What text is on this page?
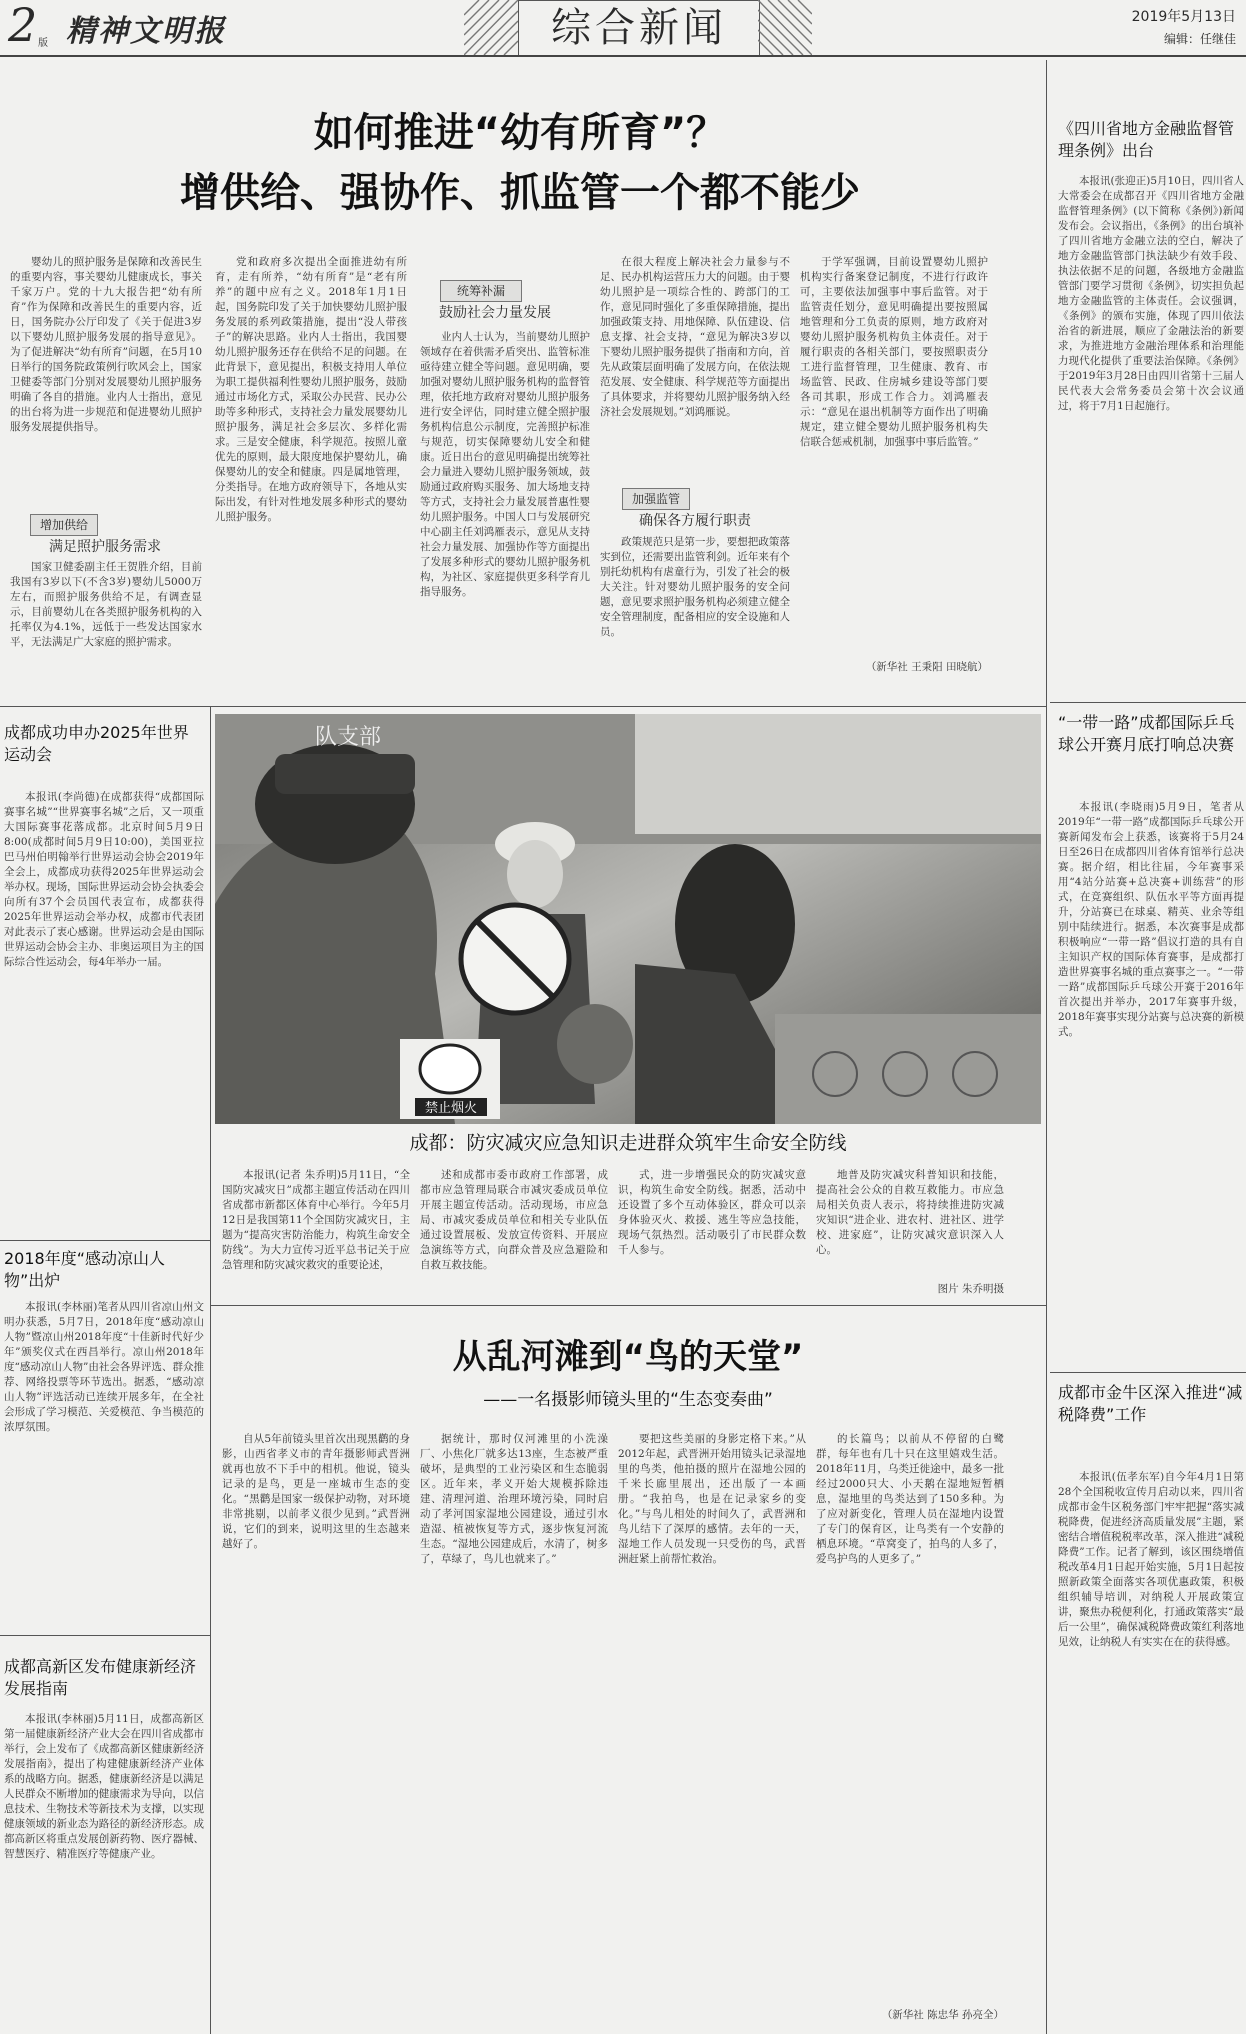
2 版 精神文明报	综合新闻	2019年5月13日
编辑：任继佳
如何推进“幼有所育”？
增供给、强协作、抓监管一个都不能少

婴幼儿的照护服务是保障和改善民生的重要内容，事关婴幼儿健康成长，事关千家万户。党的十九大报告把“幼有所育”作为保障和改善民生的重要内容，近日，国务院办公厅印发了《关于促进3岁以下婴幼儿照护服务发展的指导意见》。为了促进解决“幼有所育”问题，在5月10日举行的国务院政策例行吹风会上，国家卫健委等部门分别对发展婴幼儿照护服务明确了各自的措施。业内人士指出，意见的出台将为进一步规范和促进婴幼儿照护服务发展提供指导。

增加供给
满足照护服务需求

国家卫健委副主任王贺胜介绍，目前我国有3岁以下(不含3岁)婴幼儿5000万左右，而照护服务供给不足，有调查显示，目前婴幼儿在各类照护服务机构的入托率仅为4.1%，远低于一些发达国家水平，无法满足广大家庭的照护需求。

党和政府多次提出全面推进幼有所育，走有所养，“幼有所育”是“老有所养”的题中应有之义。2018年1月1日起，国务院印发了关于加快婴幼儿照护服务发展的系列政策措施，提出“没人带孩子”的解决思路。业内人士指出，我国婴幼儿照护服务还存在供给不足的问题。在此背景下，意见提出，积极支持用人单位为职工提供福利性婴幼儿照护服务，鼓励通过市场化方式，采取公办民营、民办公助等多种形式，支持社会力量发展婴幼儿照护服务，满足社会多层次、多样化需求。三是安全健康，科学规范。按照儿童优先的原则，最大限度地保护婴幼儿，确保婴幼儿的安全和健康。四是属地管理，分类指导。在地方政府领导下，各地从实际出发，有针对性地发展多种形式的婴幼儿照护服务。

统筹补漏
鼓励社会力量发展

业内人士认为，当前婴幼儿照护领域存在着供需矛盾突出、监管标准亟待建立健全等问题。意见明确，要加强对婴幼儿照护服务机构的监督管理，依托地方政府对婴幼儿照护服务进行安全评估，同时建立健全照护服务机构信息公示制度，完善照护标准与规范，切实保障婴幼儿安全和健康。近日出台的意见明确提出统筹社会力量进入婴幼儿照护服务领域，鼓励通过政府购买服务、加大场地支持等方式，支持社会力量发展普惠性婴幼儿照护服务。中国人口与发展研究中心副主任刘鸿雁表示，意见从支持社会力量发展、加强协作等方面提出了发展多种形式的婴幼儿照护服务机构，为社区、家庭提供更多科学育儿指导服务。

在很大程度上解决社会力量参与不足、民办机构运营压力大的问题。由于婴幼儿照护是一项综合性的、跨部门的工作，意见同时强化了多重保障措施，提出加强政策支持、用地保障、队伍建设、信息支撑、社会支持，“意见为解决3岁以下婴幼儿照护服务提供了指南和方向，首先从政策层面明确了发展方向，在依法规范发展、安全健康、科学规范等方面提出了具体要求，并将婴幼儿照护服务纳入经济社会发展规划。”刘鸿雁说。

加强监管
确保各方履行职责

政策规范只是第一步，要想把政策落实到位，还需要出监管利剑。近年来有个别托幼机构有虐童行为，引发了社会的极大关注。针对婴幼儿照护服务的安全问题，意见要求照护服务机构必须建立健全安全管理制度，配备相应的安全设施和人员。

于学军强调，目前设置婴幼儿照护机构实行备案登记制度，不进行行政许可，主要依法加强事中事后监管。对于监管责任划分，意见明确提出要按照属地管理和分工负责的原则，地方政府对婴幼儿照护服务机构负主体责任。对于履行职责的各相关部门，要按照职责分工进行监督管理，卫生健康、教育、市场监管、民政、住房城乡建设等部门要各司其职，形成工作合力。刘鸿雁表示：“意见在退出机制等方面作出了明确规定，建立健全婴幼儿照护服务机构失信联合惩戒机制，加强事中事后监管。”

（新华社 王秉阳 田晓航）
《四川省地方金融监督管理条例》出台

本报讯(张迎正)5月10日，四川省人大常委会在成都召开《四川省地方金融监督管理条例》(以下简称《条例》)新闻发布会。会议指出，《条例》的出台填补了四川省地方金融立法的空白，解决了地方金融监管部门执法缺少有效手段、执法依据不足的问题，各级地方金融监管部门要学习贯彻《条例》，切实担负起地方金融监管的主体责任。会议强调，《条例》的颁布实施，体现了四川依法治省的新进展，顺应了金融法治的新要求，为推进地方金融治理体系和治理能力现代化提供了重要法治保障。《条例》于2019年3月28日由四川省第十三届人民代表大会常务委员会第十次会议通过，将于7月1日起施行。

“一带一路”成都国际乒乓球公开赛月底打响总决赛

本报讯(李晓雨)5月9日，笔者从2019年“一带一路”成都国际乒乓球公开赛新闻发布会上获悉，该赛将于5月24日至26日在成都四川省体育馆举行总决赛。据介绍，相比往届，今年赛事采用“4站分站赛+总决赛+训练营”的形式，在竞赛组织、队伍水平等方面再提升，分站赛已在球桌、精英、业余等组别中陆续进行。据悉，本次赛事是成都积极响应“一带一路”倡议打造的具有自主知识产权的国际体育赛事，是成都打造世界赛事名城的重点赛事之一。“一带一路”成都国际乒乓球公开赛于2016年首次提出并举办，2017年赛事升级，2018年赛事实现分站赛与总决赛的新模式。

成都市金牛区深入推进“减税降费”工作

本报讯(伍孝东军)自今年4月1日第28个全国税收宣传月启动以来，四川省成都市金牛区税务部门牢牢把握“落实减税降费，促进经济高质量发展”主题，紧密结合增值税税率改革，深入推进“减税降费”工作。记者了解到，该区围绕增值税改革4月1日起开始实施，5月1日起按照新政策全面落实各项优惠政策，积极组织辅导培训，对纳税人开展政策宣讲，聚焦办税便利化，打通政策落实“最后一公里”，确保减税降费政策红利落地见效，让纳税人有实实在在的获得感。

成都成功申办2025年世界运动会

本报讯(李尚德)在成都获得“成都国际赛事名城”“世界赛事名城”之后，又一项重大国际赛事花落成都。北京时间5月9日8:00(成都时间5月9日10:00)，美国亚拉巴马州伯明翰举行世界运动会协会2019年全会上，成都成功获得2025年世界运动会举办权。现场，国际世界运动会协会执委会向所有37个会员国代表宣布，成都获得2025年世界运动会举办权，成都市代表团对此表示了衷心感谢。世界运动会是由国际世界运动会协会主办、非奥运项目为主的国际综合性运动会，每4年举办一届。

2018年度“感动凉山人物”出炉

本报讯(李林丽)笔者从四川省凉山州文明办获悉，5月7日，2018年度“感动凉山人物”暨凉山州2018年度“十佳新时代好少年”颁奖仪式在西昌举行。凉山州2018年度“感动凉山人物”由社会各界评选、群众推荐、网络投票等环节选出。据悉，“感动凉山人物”评选活动已连续开展多年，在全社会形成了学习模范、关爱模范、争当模范的浓厚氛围。

成都高新区发布健康新经济发展指南

本报讯(李林丽)5月11日，成都高新区第一届健康新经济产业大会在四川省成都市举行，会上发布了《成都高新区健康新经济发展指南》，提出了构建健康新经济产业体系的战略方向。据悉，健康新经济是以满足人民群众不断增加的健康需求为导向，以信息技术、生物技术等新技术为支撑，以实现健康领域的新业态为路径的新经济形态。成都高新区将重点发展创新药物、医疗器械、智慧医疗、精准医疗等健康产业。

禁止烟火
队支部
成都：防灾减灾应急知识走进群众筑牢生命安全防线

本报讯(记者 朱乔明)5月11日，“全国防灾减灾日”成都主题宣传活动在四川省成都市新都区体育中心举行。今年5月12日是我国第11个全国防灾减灾日，主题为“提高灾害防治能力，构筑生命安全防线”。为大力宣传习近平总书记关于应急管理和防灾减灾救灾的重要论述，

述和成都市委市政府工作部署，成都市应急管理局联合市减灾委成员单位开展主题宣传活动。活动现场，市应急局、市减灾委成员单位和相关专业队伍通过设置展板、发放宣传资料、开展应急演练等方式，向群众普及应急避险和自救互救技能。

式，进一步增强民众的防灾减灾意识，构筑生命安全防线。据悉，活动中还设置了多个互动体验区，群众可以亲身体验灭火、救援、逃生等应急技能，现场气氛热烈。活动吸引了市民群众数千人参与。

地普及防灾减灾科普知识和技能，提高社会公众的自救互救能力。市应急局相关负责人表示，将持续推进防灾减灾知识“进企业、进农村、进社区、进学校、进家庭”，让防灾减灾意识深入人心。

图片 朱乔明摄
从乱河滩到“鸟的天堂”
——一名摄影师镜头里的“生态变奏曲”

自从5年前镜头里首次出现黑鹳的身影，山西省孝义市的青年摄影师武晋洲就再也放不下手中的相机。他说，镜头记录的是鸟，更是一座城市生态的变化。“黑鹳是国家一级保护动物，对环境非常挑剔，以前孝义很少见到。”武晋洲说，它们的到来，说明这里的生态越来越好了。

据统计，那时仅河滩里的小洗澡厂、小焦化厂就多达13座，生态被严重破坏，是典型的工业污染区和生态脆弱区。近年来，孝义开始大规模拆除违建、清理河道、治理环境污染，同时启动了孝河国家湿地公园建设，通过引水造湿、植被恢复等方式，逐步恢复河流生态。“湿地公园建成后，水清了，树多了，草绿了，鸟儿也就来了。”

要把这些美丽的身影定格下来。”从2012年起，武晋洲开始用镜头记录湿地里的鸟类，他拍摄的照片在湿地公园的千米长廊里展出，还出版了一本画册。“我拍鸟，也是在记录家乡的变化。”与鸟儿相处的时间久了，武晋洲和鸟儿结下了深厚的感情。去年的一天，湿地工作人员发现一只受伤的鸟，武晋洲赶紧上前帮忙救治。

的长篇鸟；以前从不停留的白鹭群，每年也有几十只在这里嬉戏生活。2018年11月，乌类迁徙途中，最多一批经过2000只大、小天鹅在湿地短暂栖息，湿地里的鸟类达到了150多种。为了应对新变化，管理人员在湿地内设置了专门的保育区，让鸟类有一个安静的栖息环境。“草窝变了，拍鸟的人多了，爱鸟护鸟的人更多了。”

（新华社 陈忠华 孙亮全）
